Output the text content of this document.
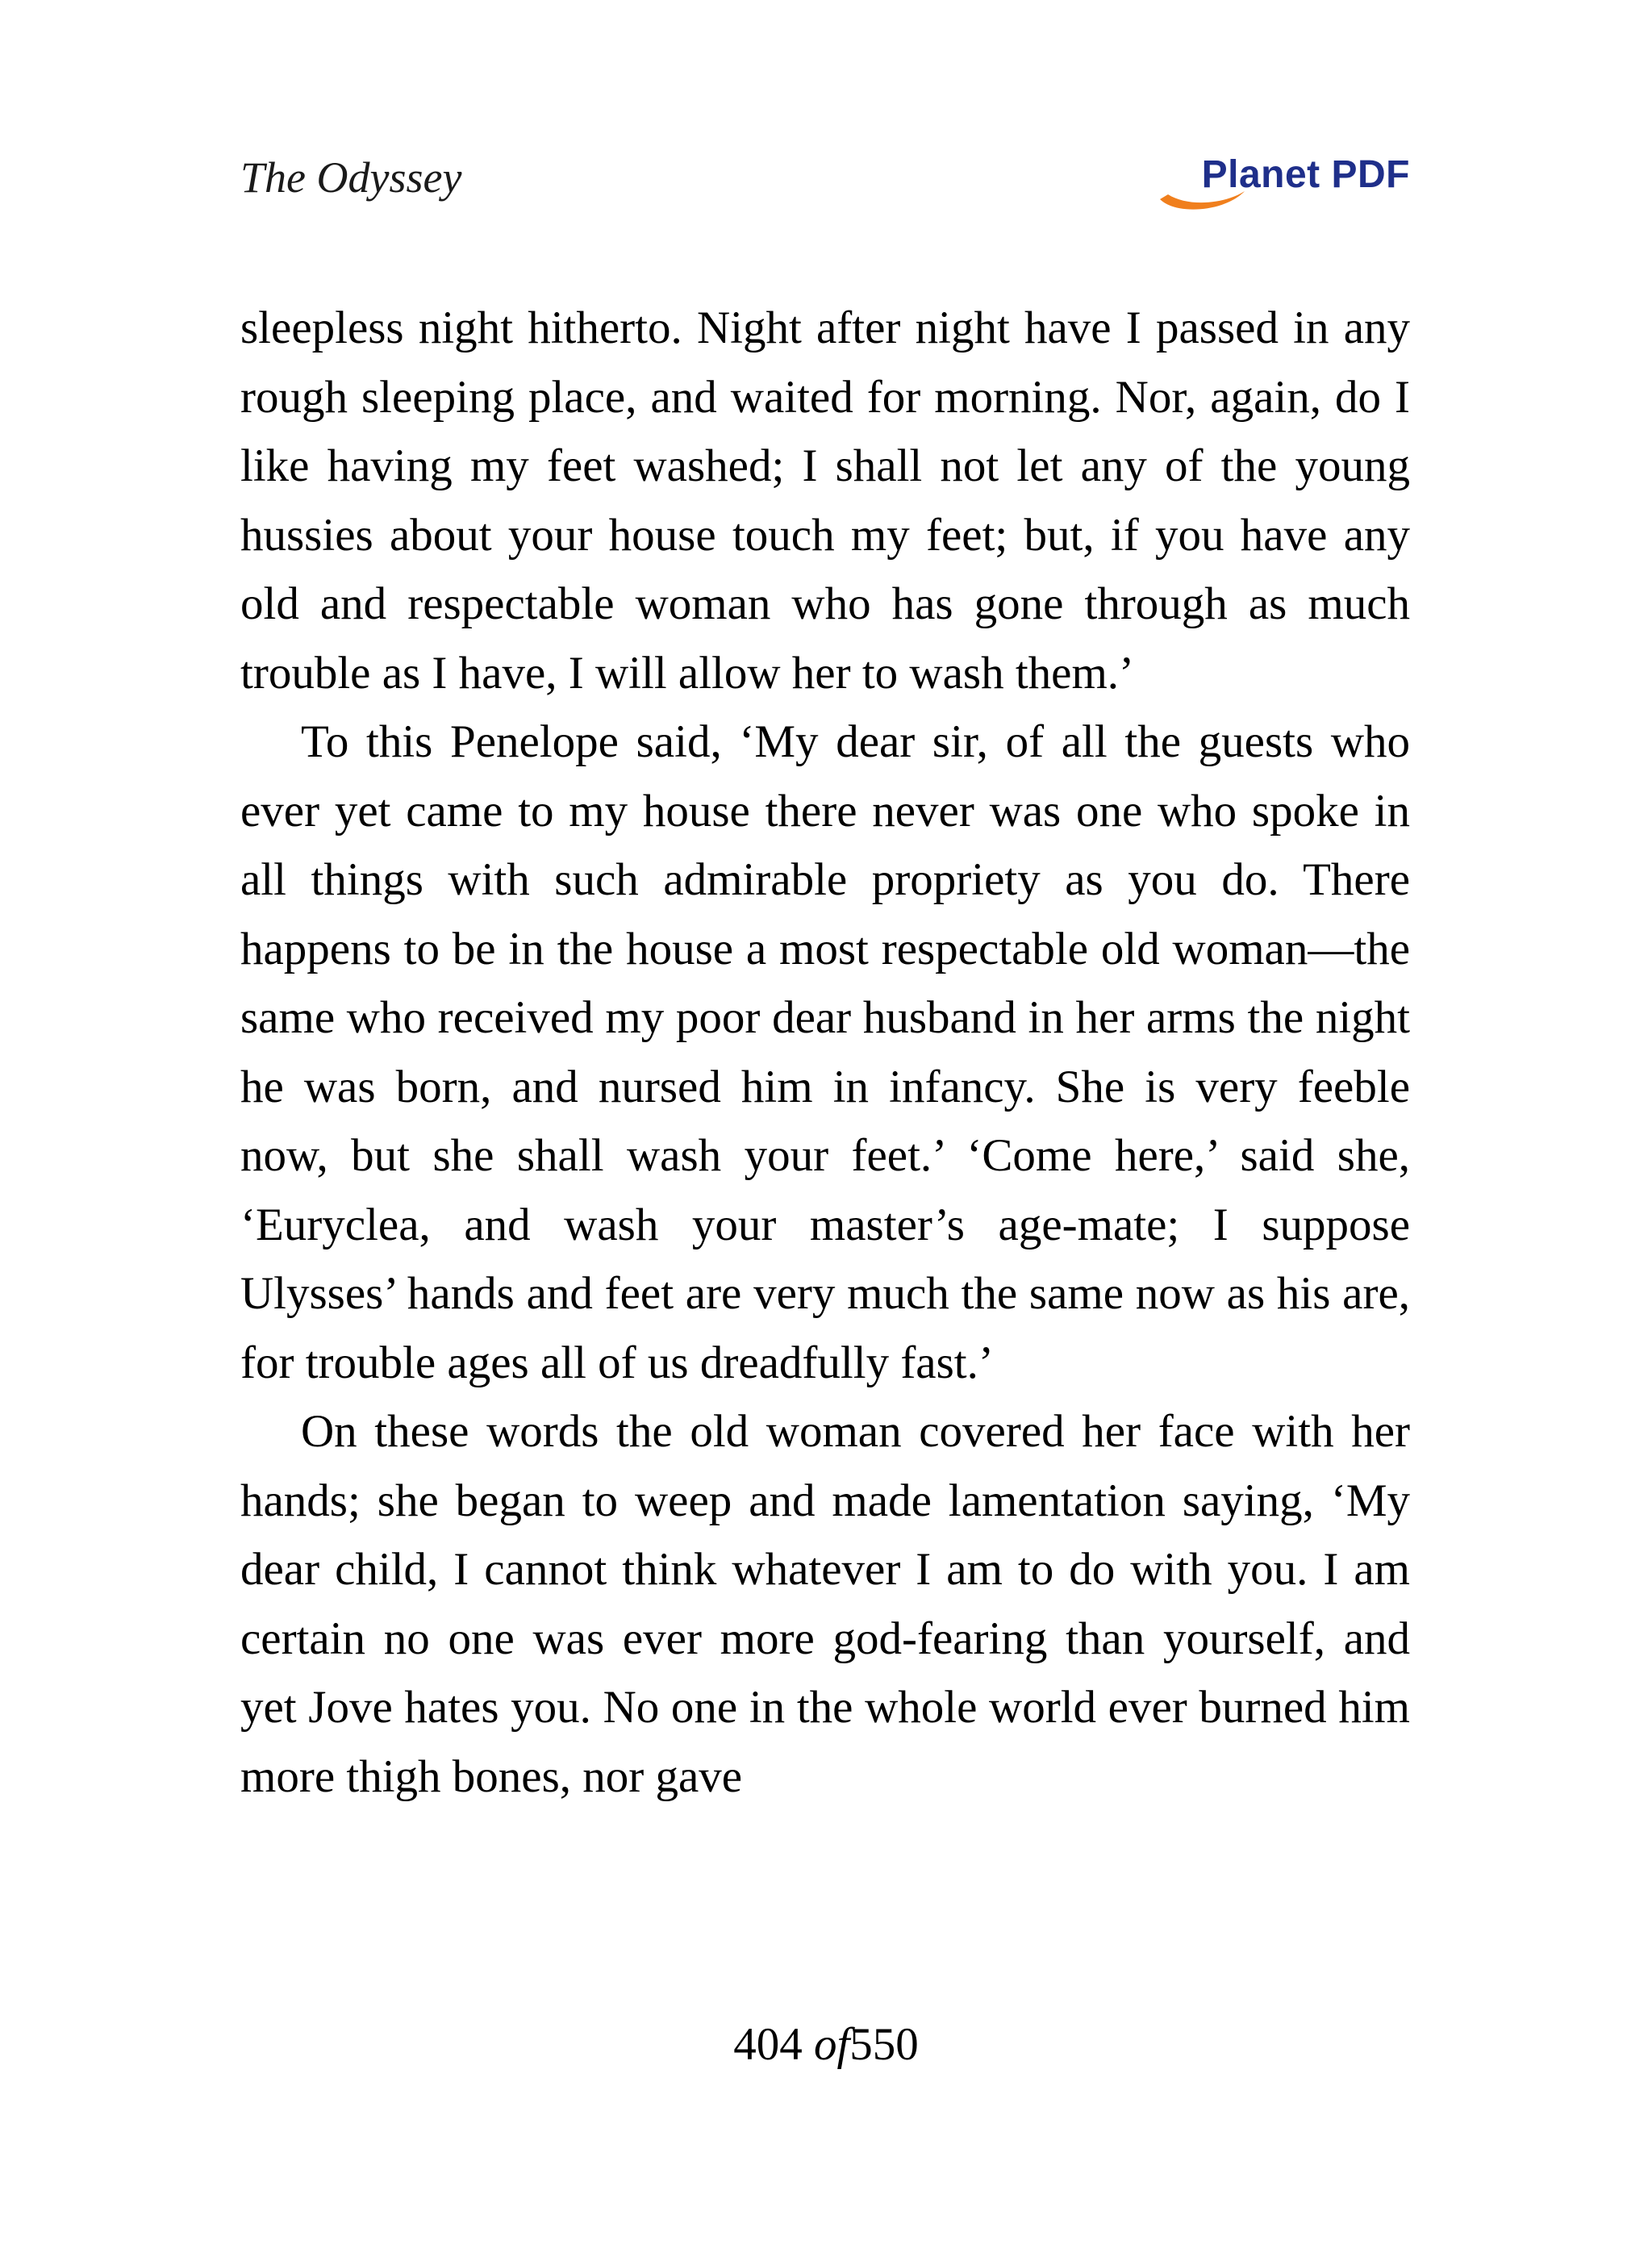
The Odyssey	Planet PDF

sleepless night hitherto. Night after night have I passed in any rough sleeping place, and waited for morning. Nor, again, do I like having my feet washed; I shall not let any of the young hussies about your house touch my feet; but, if you have any old and respectable woman who has gone through as much trouble as I have, I will allow her to wash them.’

To this Penelope said, ‘My dear sir, of all the guests who ever yet came to my house there never was one who spoke in all things with such admirable propriety as you do. There happens to be in the house a most respectable old woman—the same who received my poor dear husband in her arms the night he was born, and nursed him in infancy. She is very feeble now, but she shall wash your feet.’ ‘Come here,’ said she, ‘Euryclea, and wash your master’s age-mate; I suppose Ulysses’ hands and feet are very much the same now as his are, for trouble ages all of us dreadfully fast.’

On these words the old woman covered her face with her hands; she began to weep and made lamentation saying, ‘My dear child, I cannot think whatever I am to do with you. I am certain no one was ever more god-fearing than yourself, and yet Jove hates you. No one in the whole world ever burned him more thigh bones, nor gave

404 of550
